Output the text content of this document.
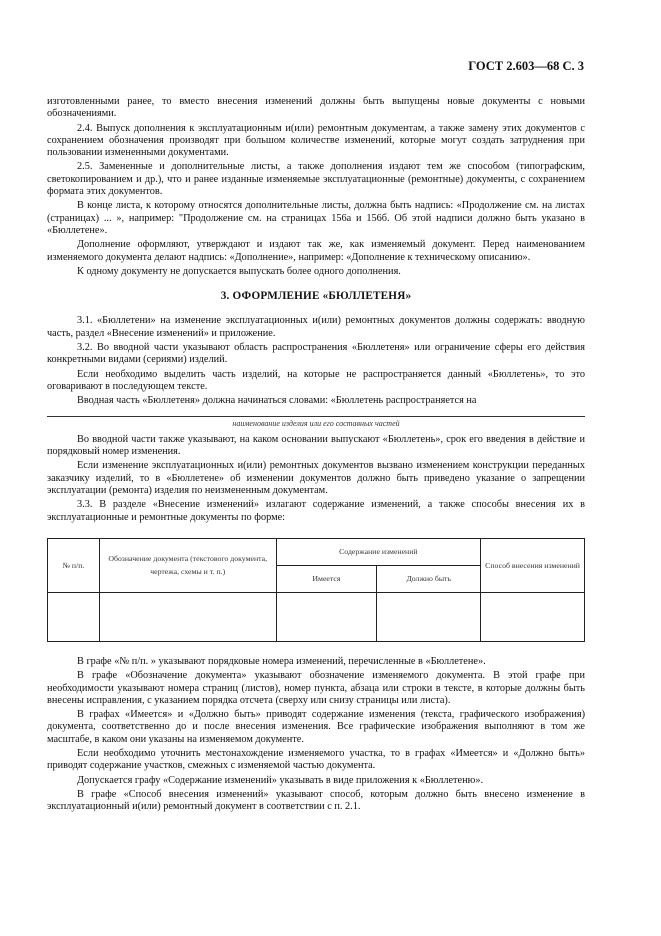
ГОСТ 2.603—68 С. 3

изготовленными ранее, то вместо внесения изменений должны быть выпущены новые документы с новыми обозначениями.

2.4. Выпуск дополнения к эксплуатационным и(или) ремонтным документам, а также замену этих документов с сохранением обозначения производят при большом количестве изменений, которые могут создать затруднения при пользовании измененными документами.

2.5. Замененные и дополнительные листы, а также дополнения издают тем же способом (типографским, светокопированием и др.), что и ранее изданные изменяемые эксплуатационные (ремонтные) документы, с сохранением формата этих документов.

В конце листа, к которому относятся дополнительные листы, должна быть надпись: «Продолжение см. на листах (страницах) ... », например: "Продолжение см. на страницах 156а и 156б. Об этой надписи должно быть указано в «Бюллетене».

Дополнение оформляют, утверждают и издают так же, как изменяемый документ. Перед наименованием изменяемого документа делают надпись: «Дополнение», например: «Дополнение к техническому описанию».

К одному документу не допускается выпускать более одного дополнения.

3. ОФОРМЛЕНИЕ «БЮЛЛЕТЕНЯ»

3.1. «Бюллетени» на изменение эксплуатационных и(или) ремонтных документов должны содержать: вводную часть, раздел «Внесение изменений» и приложение.

3.2. Во вводной части указывают область распространения «Бюллетеня» или ограничение сферы его действия конкретными видами (сериями) изделий.

Если необходимо выделить часть изделий, на которые не распространяется данный «Бюллетень», то это оговаривают в последующем тексте.

Вводная часть «Бюллетеня» должна начинаться словами: «Бюллетень распространяется на

наименование изделия или его составных частей

Во вводной части также указывают, на каком основании выпускают «Бюллетень», срок его введения в действие и порядковый номер изменения.

Если изменение эксплуатационных и(или) ремонтных документов вызвано изменением конструкции переданных заказчику изделий, то в «Бюллетене» об изменении документов должно быть приведено указание о запрещении эксплуатации (ремонта) изделия по неизмененным документам.

3.3. В разделе «Внесение изменений» излагают содержание изменений, а также способы внесения их в эксплуатационные и ремонтные документы по форме:

№ п/п.	Обозначение документа (текстового документа, чертежа, схемы и т. п.)	Содержание изменений		Способ внесения изменений
		Имеется	Должно быть	

В графе «№ п/п. » указывают порядковые номера изменений, перечисленные в «Бюллетене».

В графе «Обозначение документа» указывают обозначение изменяемого документа. В этой графе при необходимости указывают номера страниц (листов), номер пункта, абзаца или строки в тексте, в которые должны быть внесены исправления, с указанием порядка отсчета (сверху или снизу страницы или листа).

В графах «Имеется» и «Должно быть» приводят содержание изменения (текста, графического изображения) документа, соответственно до и после внесения изменения. Все графические изображения выполняют в том же масштабе, в каком они указаны на изменяемом документе.

Если необходимо уточнить местонахождение изменяемого участка, то в графах «Имеется» и «Должно быть» приводят содержание участков, смежных с изменяемой частью документа.

Допускается графу «Содержание изменений» указывать в виде приложения к «Бюллетеню».

В графе «Способ внесения изменений» указывают способ, которым должно быть внесено изменение в эксплуатационный и(или) ремонтный документ в соответствии с п. 2.1.
